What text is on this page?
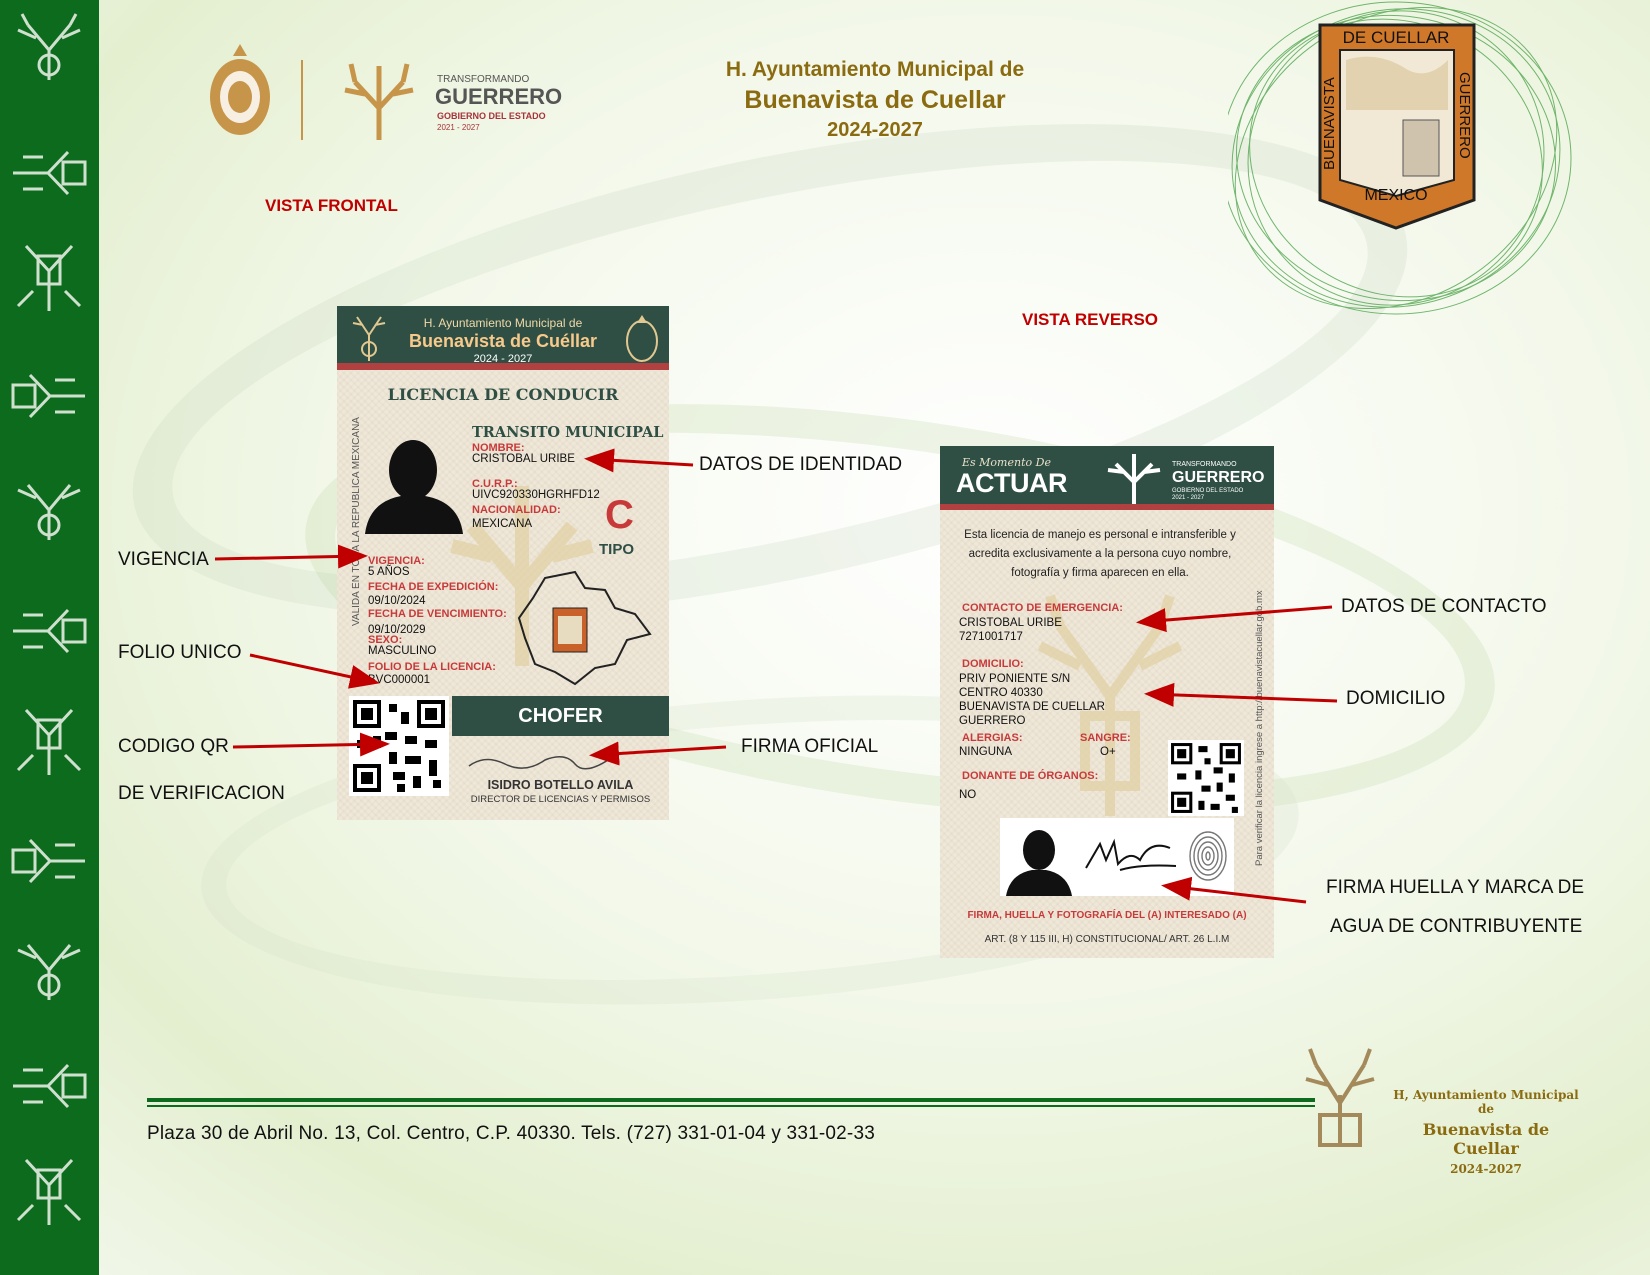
TRANSFORMANDO
GUERRERO
GOBIERNO DEL ESTADO
2021 - 2027
H. Ayuntamiento Municipal de
Buenavista de Cuellar
2024-2027
DE CUELLAR
MEXICO
BUENAVISTA	GUERRERO
VISTA FRONTAL
VISTA REVERSO
H. Ayuntamiento Municipal de
Buenavista de Cuéllar
2024 - 2027
LICENCIA DE CONDUCIR
TRANSITO MUNICIPAL
VALIDA EN TODA LA REPUBLICA MEXICANA	NOMBRE:
CRISTOBAL URIBE
C.U.R.P.:
UIVC920330HGRHFD12
NACIONALIDAD:
MEXICANA C
TIPO
VIGENCIA:
5 AÑOS
FECHA DE EXPEDICIÓN:
09/10/2024
FECHA DE VENCIMIENTO:
09/10/2029
SEXO:
MASCULINO
FOLIO DE LA LICENCIA:
BVC000001
CHOFER
ISIDRO BOTELLO AVILA
DIRECTOR DE LICENCIAS Y PERMISOS
Es Momento De
ACTUAR
TRANSFORMANDO
GUERRERO
GOBIERNO DEL ESTADO
2021 - 2027
Esta licencia de manejo es personal e intransferible y acredita exclusivamente a la persona cuyo nombre, fotografía y firma aparecen en ella.
Para verificar la licencia ingrese a http://buenavistacuellar.gob.mx
CONTACTO DE EMERGENCIA:
CRISTOBAL URIBE
7271001717
DOMICILIO:
PRIV PONIENTE S/N
CENTRO 40330
BUENAVISTA DE CUELLAR
GUERRERO
ALERGIAS:
NINGUNA
SANGRE:
O+
DONANTE DE ÓRGANOS:
NO
FIRMA, HUELLA Y FOTOGRAFÍA DEL (A) INTERESADO (A)
ART. (8 Y 115 III, H) CONSTITUCIONAL/ ART. 26 L.I.M
DATOS DE IDENTIDAD
VIGENCIA
FOLIO UNICO
CODIGO QR
DE VERIFICACION
FIRMA OFICIAL
DATOS DE CONTACTO
DOMICILIO
FIRMA HUELLA Y MARCA DE
AGUA DE CONTRIBUYENTE
Plaza 30 de Abril No. 13, Col. Centro, C.P. 40330. Tels. (727) 331-01-04 y 331-02-33
H, Ayuntamiento Municipal de
Buenavista de Cuellar
2024-2027
